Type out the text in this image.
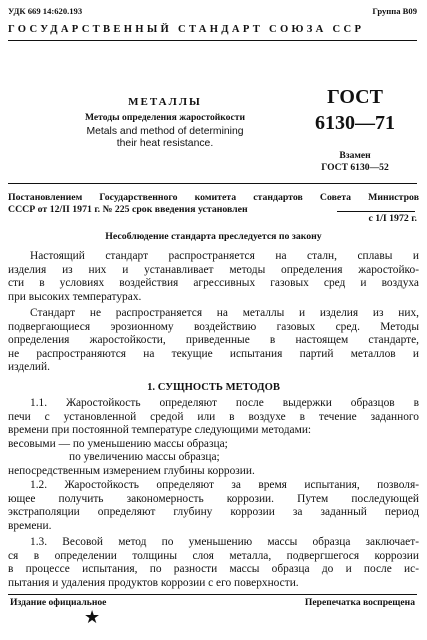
УДК 669 14:620.193	Группа В09
ГОСУДАРСТВЕННЫЙ СТАНДАРТ СОЮЗА ССР
МЕТАЛЛЫ
Методы определения жаростойкости
Metals and method of determining
their heat resistance.
ГОСТ
6130—71
Взамен
ГОСТ 6130—52
Постановлением Государственного комитета стандартов Совета Министров
СССР от 12/II 1971 г. № 225 срок введения установлен
с 1/I 1972 г.
Несоблюдение стандарта преследуется по закону
Настоящий стандарт распространяется на сталн, сплавы и
изделия из них и устанавливает методы определения жаростойко-
сти в условиях воздействия агрессивных газовых сред и воздуха
при высоких температурах.
Стандарт не распространяется на металлы и изделия из них,
подвергающиеся эрозионному воздействию газовых сред. Методы
определения жаростойкости, приведенные в настоящем стандарте,
не распространяются на текущие испытания партий металлов и
изделий.
1. СУЩНОСТЬ МЕТОДОВ
1.1. Жаростойкость определяют после выдержки образцов в
печи с установленной средой или в воздухе в течение заданного
времени при постоянной температуре следующими методами:
весовыми — по уменьшению массы образца;
по увеличению массы образца;
непосредственным измерением глубины коррозии.
1.2. Жаростойкость определяют за время испытания, позволя-
ющее получить закономерность коррозии. Путем последующей
экстраполяции определяют глубину коррозии за заданный период
времени.
1.3. Весовой метод по уменьшению массы образца заключает-
ся в определении толщины слоя металла, подвергшегося коррозии
в процессе испытания, по разности массы образца до и после ис-
пытания и удаления продуктов коррозии с его поверхности.
Издание официальное	Перепечатка воспрещена
★
